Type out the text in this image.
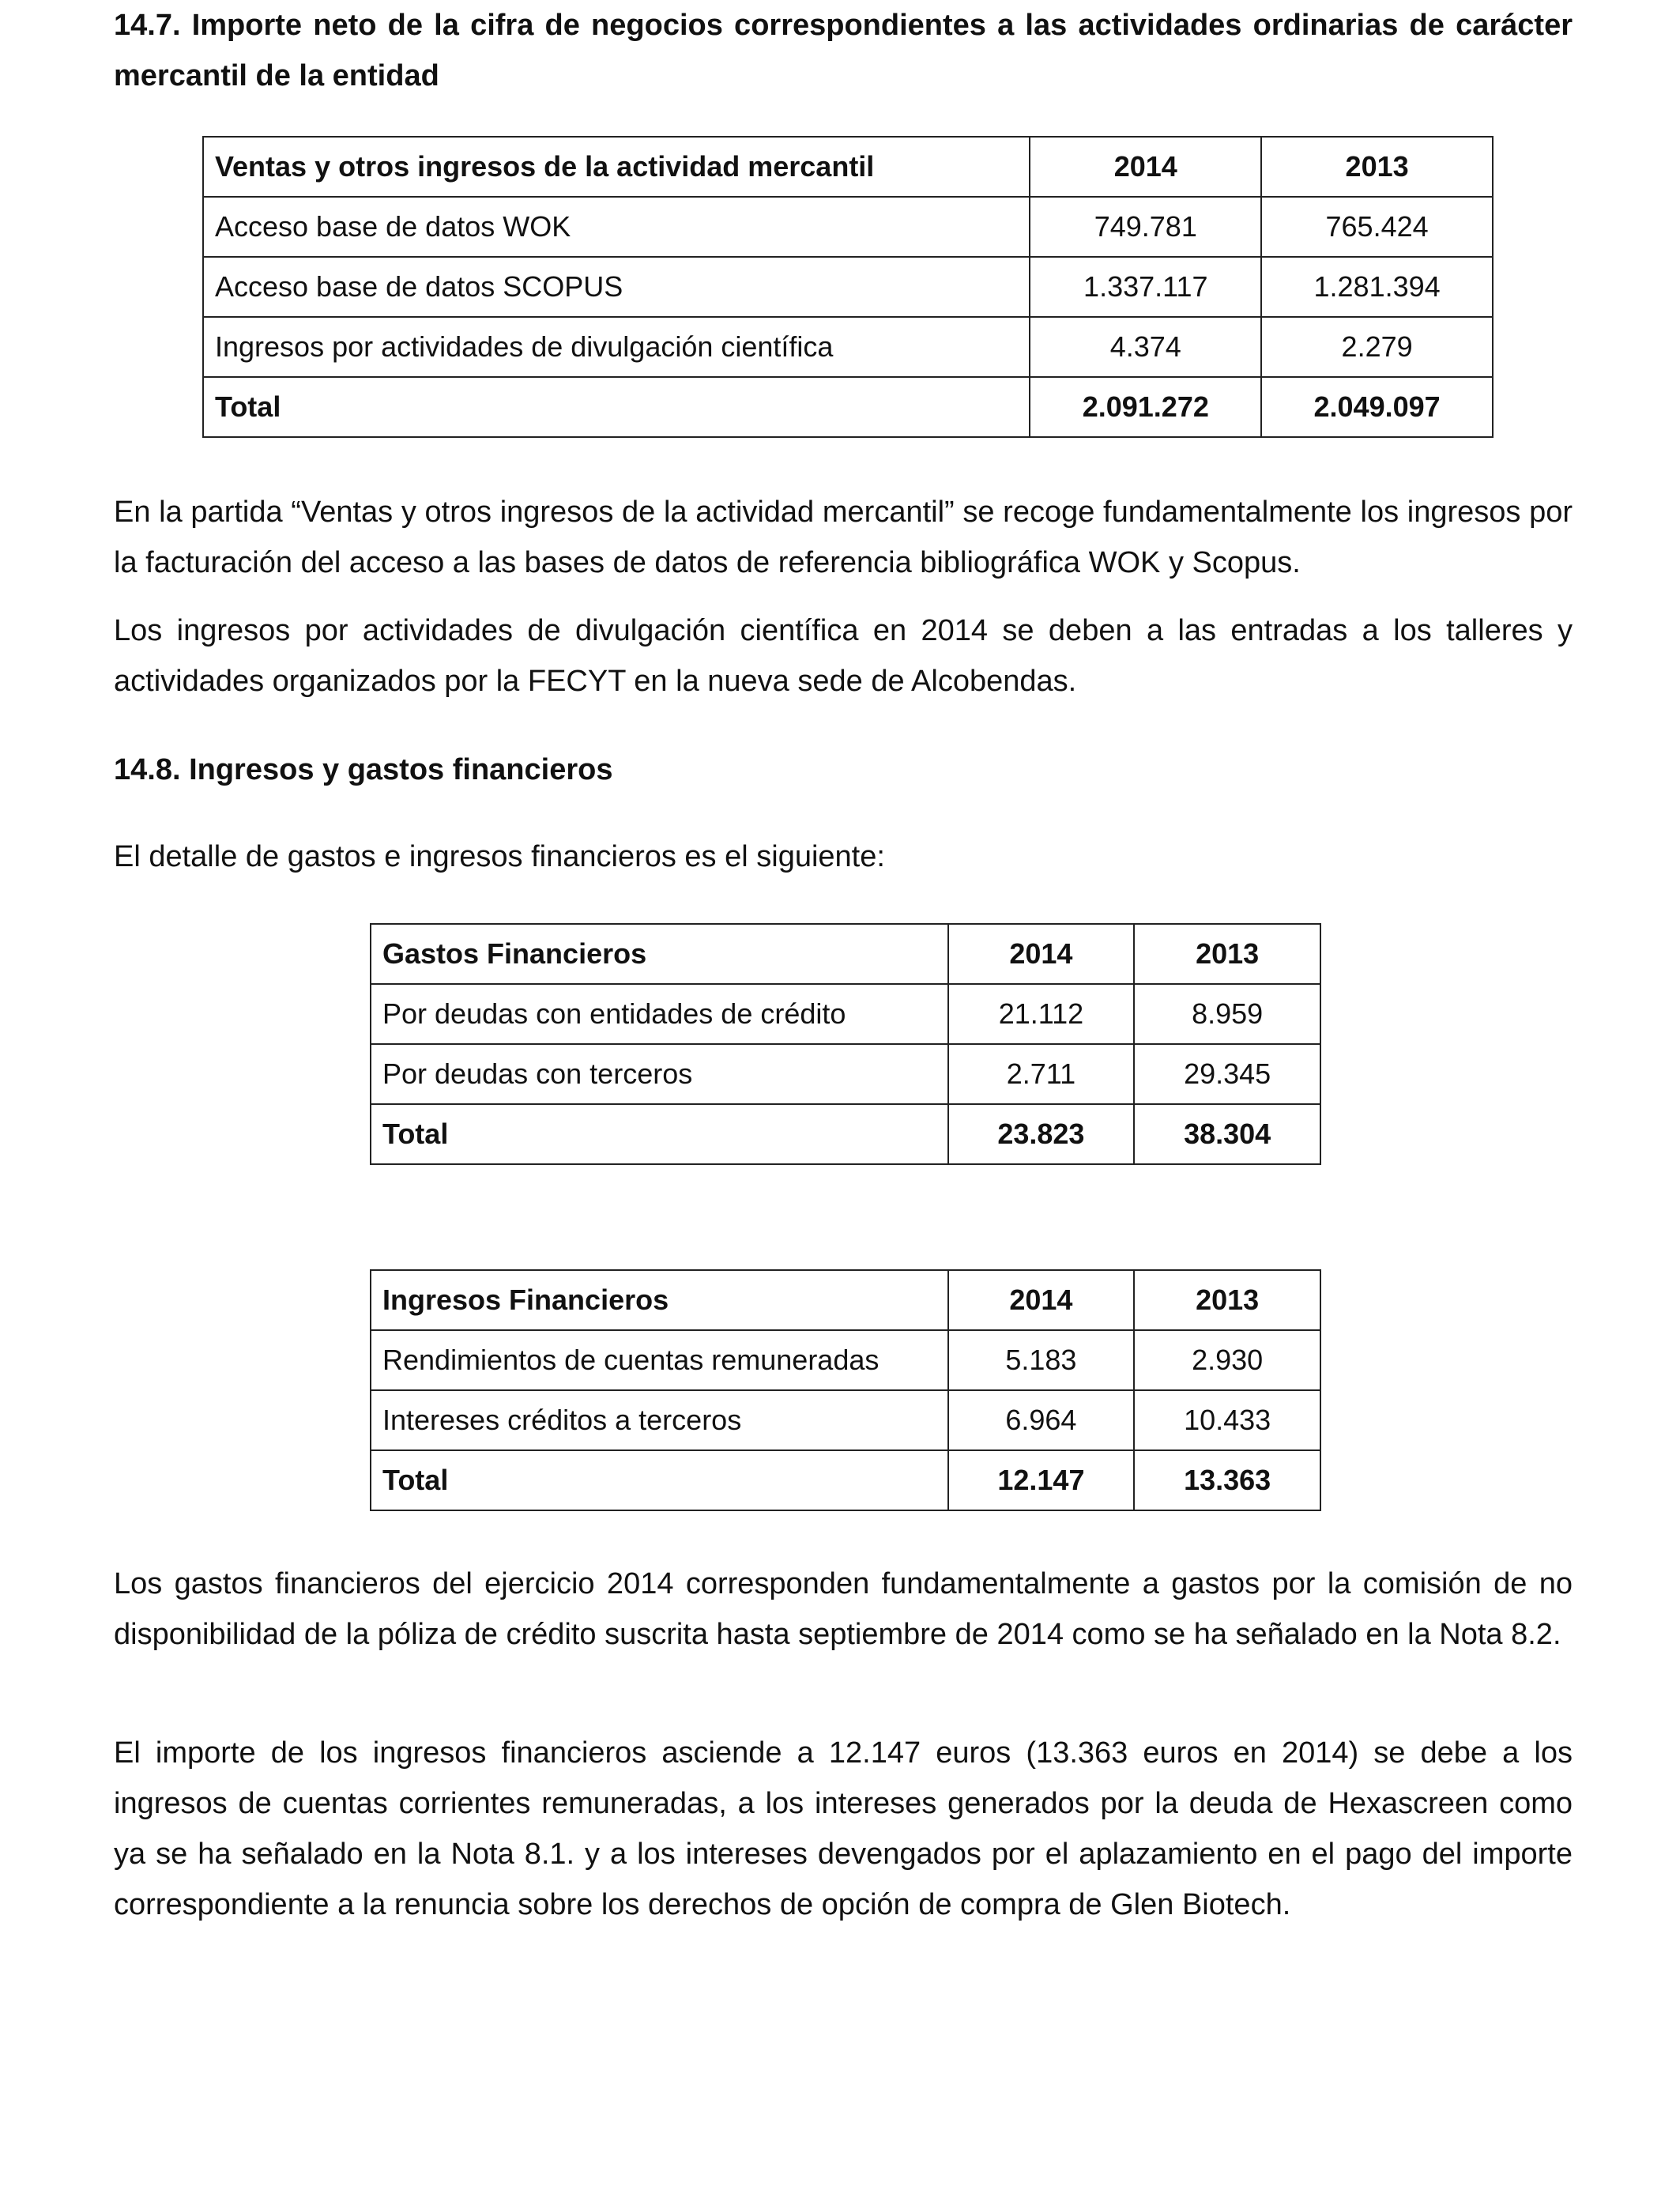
14.7. Importe neto de la cifra de negocios correspondientes a las actividades ordinarias de carácter mercantil de la entidad

Ventas y otros ingresos de la actividad mercantil	2014	2013
Acceso base de datos WOK	749.781	765.424
Acceso base de datos SCOPUS	1.337.117	1.281.394
Ingresos por actividades de divulgación científica	4.374	2.279
Total	2.091.272	2.049.097

En la partida “Ventas y otros ingresos de la actividad mercantil” se recoge fundamentalmente los ingresos por la facturación del acceso a las bases de datos de referencia bibliográfica WOK y Scopus.

Los ingresos por actividades de divulgación científica en 2014 se deben a las entradas a los talleres y actividades organizados por la FECYT en la nueva sede de Alcobendas.

14.8. Ingresos y gastos financieros

El detalle de gastos e ingresos financieros es el siguiente:

Gastos Financieros	2014	2013
Por deudas con entidades de crédito	21.112	8.959
Por deudas con terceros	2.711	29.345
Total	23.823	38.304
Ingresos Financieros	2014	2013
Rendimientos de cuentas remuneradas	5.183	2.930
Intereses créditos a terceros	6.964	10.433
Total	12.147	13.363

Los gastos financieros del ejercicio 2014 corresponden fundamentalmente a gastos por la comisión de no disponibilidad de la póliza de crédito suscrita hasta septiembre de 2014 como se ha señalado en la Nota 8.2.

El importe de los ingresos financieros asciende a 12.147 euros (13.363 euros en 2014) se debe a los ingresos de cuentas corrientes remuneradas, a los intereses generados por la deuda de Hexascreen como ya se ha señalado en la Nota 8.1. y a los intereses devengados por el aplazamiento en el pago del importe correspondiente a la renuncia sobre los derechos de opción de compra de Glen Biotech.
